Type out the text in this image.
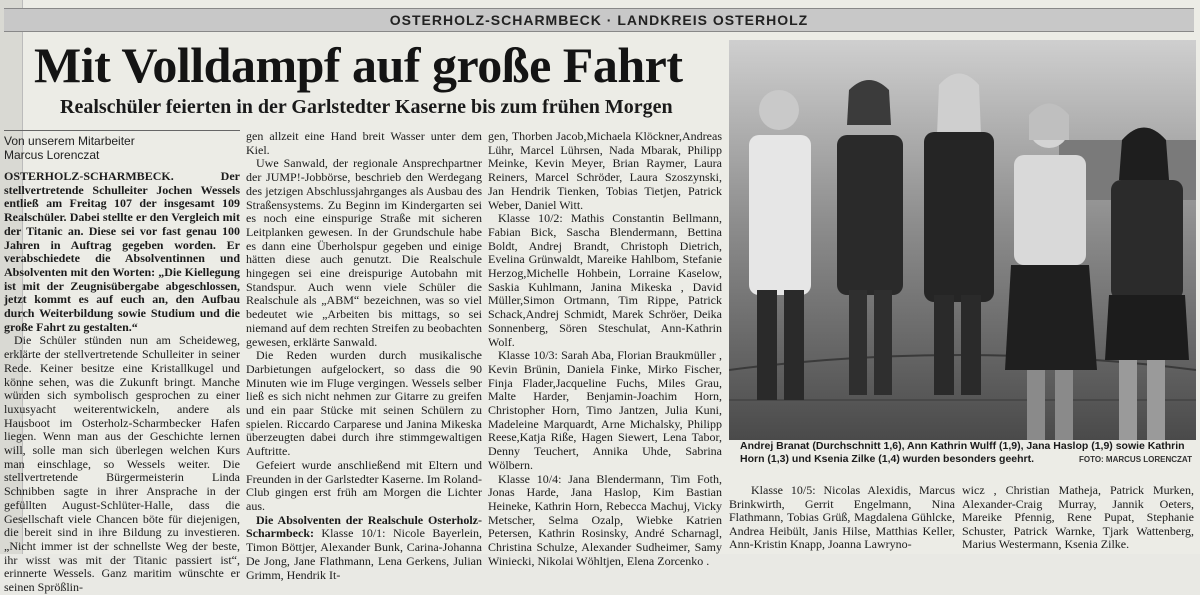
OSTERHOLZ-SCHARMBECK · LANDKREIS OSTERHOLZ
Mit Volldampf auf große Fahrt
Realschüler feierten in der Garlstedter Kaserne bis zum frühen Morgen
Von unserem Mitarbeiter
Marcus Lorenczat

OSTERHOLZ-SCHARMBECK. Der stellvertretende Schulleiter Jochen Wessels entließ am Freitag 107 der insgesamt 109 Realschüler. Dabei stellte er den Vergleich mit der Titanic an. Diese sei vor fast genau 100 Jahren in Auftrag gegeben worden. Er verabschiedete die Absolventinnen und Absolventen mit den Worten: „Die Kiellegung ist mit der Zeugnisübergabe abgeschlossen, jetzt kommt es auf euch an, den Aufbau durch Weiterbildung sowie Studium und die große Fahrt zu gestalten.“

Die Schüler stünden nun am Scheideweg, erklärte der stellvertretende Schulleiter in seiner Rede. Keiner besitze eine Kristallkugel und könne sehen, was die Zukunft bringt. Manche würden sich symbolisch gesprochen zu einer luxusyacht weiterentwickeln, andere als Hausboot im Osterholz-Scharmbecker Hafen liegen. Wenn man aus der Geschichte lernen will, solle man sich überlegen welchen Kurs man einschlage, so Wessels weiter. Die stellvertretende Bürgermeisterin Linda Schnibben sagte in ihrer Ansprache in der gefüllten August-Schlüter-Halle, dass die Gesellschaft viele Chancen böte für diejenigen, die bereit sind in ihre Bildung zu investieren. „Nicht immer ist der schnellste Weg der beste, ihr wisst was mit der Titanic passiert ist“, erinnerte Wessels. Ganz maritim wünschte er seinen Sprößlin-

gen allzeit eine Hand breit Wasser unter dem Kiel.

Uwe Sanwald, der regionale Ansprechpartner der JUMP!-Jobbörse, beschrieb den Werdegang des jetzigen Abschlussjahrganges als Ausbau des Straßensystems. Zu Beginn im Kindergarten sei es noch eine einspurige Straße mit sicheren Leitplanken gewesen. In der Grundschule habe es dann eine Überholspur gegeben und einige hätten diese auch genutzt. Die Realschule hingegen sei eine dreispurige Autobahn mit Standspur. Auch wenn viele Schüler die Realschule als „ABM“ bezeichnen, was so viel bedeutet wie „Arbeiten bis mittags, so sei niemand auf dem rechten Streifen zu beobachten gewesen, erklärte Sanwald.

Die Reden wurden durch musikalische Darbietungen aufgelockert, so dass die 90 Minuten wie im Fluge vergingen. Wessels selber ließ es sich nicht nehmen zur Gitarre zu greifen und ein paar Stücke mit seinen Schülern zu spielen. Riccardo Carparese und Janina Mikeska überzeugten dabei durch ihre stimmgewaltigen Auftritte.

Gefeiert wurde anschließend mit Eltern und Freunden in der Garlstedter Kaserne. Im Roland-Club gingen erst früh am Morgen die Lichter aus.

Die Absolventen der Realschule Osterholz-Scharmbeck: Klasse 10/1: Nicole Bayerlein, Timon Böttjer, Alexander Bunk, Carina-Johanna De Jong, Jane Flathmann, Lena Gerkens, Julian Grimm, Hendrik It-

gen, Thorben Jacob,Michaela Klöckner,Andreas Lühr, Marcel Lührsen, Nada Mbarak, Philipp Meinke, Kevin Meyer, Brian Raymer, Laura Reiners, Marcel Schröder, Laura Szoszynski, Jan Hendrik Tienken, Tobias Tietjen, Patrick Weber, Daniel Witt.

Klasse 10/2: Mathis Constantin Bellmann, Fabian Bick, Sascha Blendermann, Bettina Boldt, Andrej Brandt, Christoph Dietrich, Evelina Grünwaldt, Mareike Hahlbom, Stefanie Herzog,Michelle Hohbein, Lorraine Kaselow, Saskia Kuhlmann, Janina Mikeska , David Müller,Simon Ortmann, Tim Rippe, Patrick Schack,Andrej Schmidt, Marek Schröer, Deika Sonnenberg, Sören Steschulat, Ann-Kathrin Wolf.

Klasse 10/3: Sarah Aba, Florian Braukmüller , Kevin Brünin, Daniela Finke, Mirko Fischer, Finja Flader,Jacqueline Fuchs, Miles Grau, Malte Harder, Benjamin-Joachim Horn, Christopher Horn, Timo Jantzen, Julia Kuni, Madeleine Marquardt, Arne Michalsky, Philipp Reese,Katja Riße, Hagen Siewert, Lena Tabor, Denny Teuchert, Annika Uhde, Sabrina Wölbern.

Klasse 10/4: Jana Blendermann, Tim Foth, Jonas Harde, Jana Haslop, Kim Bastian Heineke, Kathrin Horn, Rebecca Machuj, Vicky Metscher, Selma Ozalp, Wiebke Katrien Petersen, Kathrin Rosinsky, André Scharnagl, Christina Schulze, Alexander Sudheimer, Samy Winiecki, Nikolai Wöhltjen, Elena Zorcenko .

Andrej Branat (Durchschnitt 1,6), Ann Kathrin Wulff (1,9), Jana Haslop (1,9) sowie Kathrin Horn (1,3) und Ksenia Zilke (1,4) wurden besonders geehrt.	FOTO: MARCUS LORENCZAT
Klasse 10/5: Nicolas Alexidis, Marcus Brinkwirth, Gerrit Engelmann, Nina Flathmann, Tobias Grüß, Magdalena Gühlcke, Andrea Heibült, Janis Hilse, Matthias Keller, Ann-Kristin Knapp, Joanna Lawryno-
wicz , Christian Matheja, Patrick Murken, Alexander-Craig Murray, Jannik Oeters, Mareike Pfennig, Rene Pupat, Stephanie Schuster, Patrick Warnke, Tjark Wattenberg, Marius Westermann, Ksenia Zilke.
